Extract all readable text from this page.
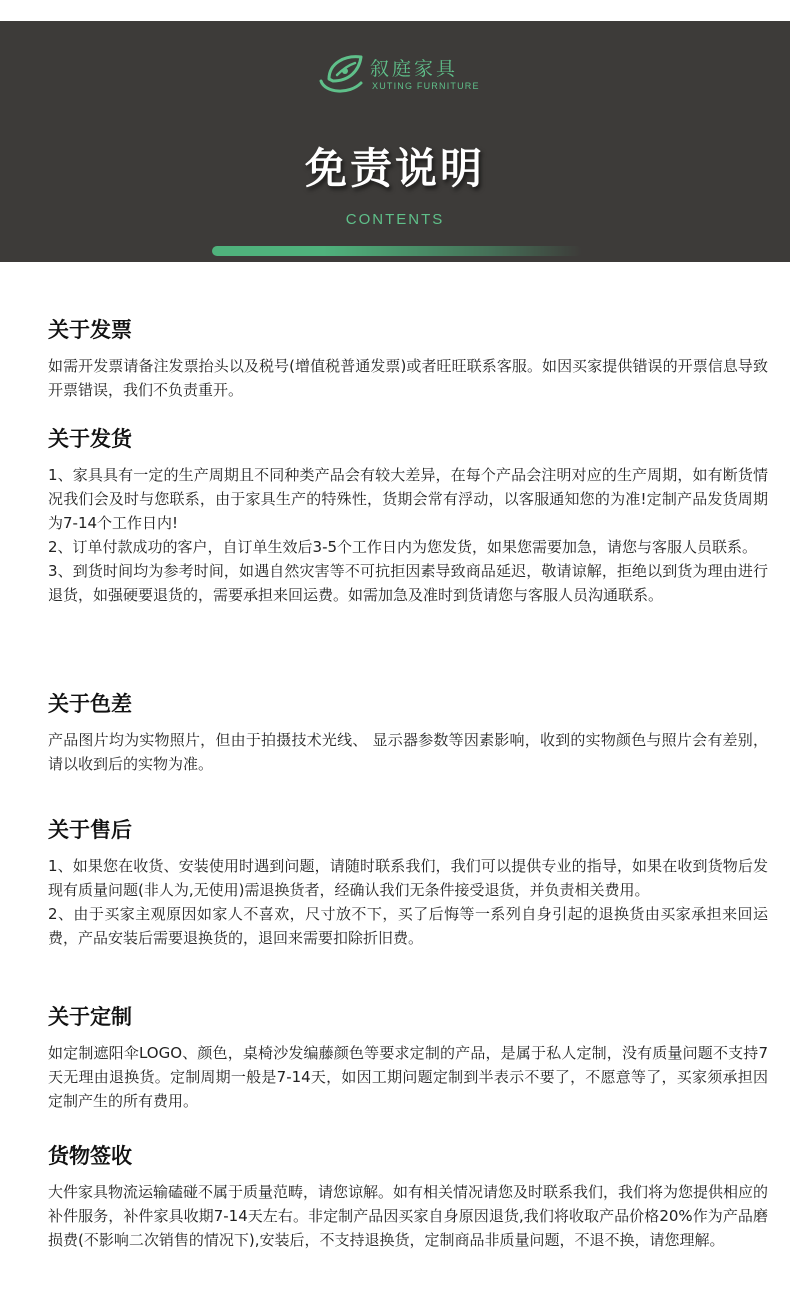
叙庭家具
XUTING FURNITURE
免责说明
CONTENTS
关于发票

如需开发票请备注发票抬头以及税号(增值税普通发票)或者旺旺联系客服。如因买家提供错误的开票信息导致开票错误，我们不负责重开。

关于发货

1、家具具有一定的生产周期且不同种类产品会有较大差异，在每个产品会注明对应的生产周期，如有断货情况我们会及时与您联系，由于家具生产的特殊性，货期会常有浮动，以客服通知您的为准!定制产品发货周期为7-14个工作日内!

2、订单付款成功的客户，自订单生效后3-5个工作日内为您发货，如果您需要加急，请您与客服人员联系。

3、到货时间均为参考时间，如遇自然灾害等不可抗拒因素导致商品延迟，敬请谅解，拒绝以到货为理由进行退货，如强硬要退货的，需要承担来回运费。如需加急及准时到货请您与客服人员沟通联系。

关于色差

产品图片均为实物照片，但由于拍摄技术光线、 显示器参数等因素影响，收到的实物颜色与照片会有差别，请以收到后的实物为准。

关于售后

1、如果您在收货、安装使用时遇到问题，请随时联系我们，我们可以提供专业的指导，如果在收到货物后发现有质量问题(非人为,无使用)需退换货者，经确认我们无条件接受退货，并负责相关费用。

2、由于买家主观原因如家人不喜欢，尺寸放不下，买了后悔等一系列自身引起的退换货由买家承担来回运费，产品安装后需要退换货的，退回来需要扣除折旧费。

关于定制

如定制遮阳伞LOGO、颜色，桌椅沙发编藤颜色等要求定制的产品，是属于私人定制，没有质量问题不支持7天无理由退换货。定制周期一般是7-14天，如因工期问题定制到半表示不要了，不愿意等了，买家须承担因定制产生的所有费用。

货物签收

大件家具物流运输磕碰不属于质量范畴，请您谅解。如有相关情况请您及时联系我们，我们将为您提供相应的补件服务，补件家具收期7-14天左右。非定制产品因买家自身原因退货,我们将收取产品价格20%作为产品磨损费(不影响二次销售的情况下),安装后，不支持退换货，定制商品非质量问题，不退不换，请您理解。
